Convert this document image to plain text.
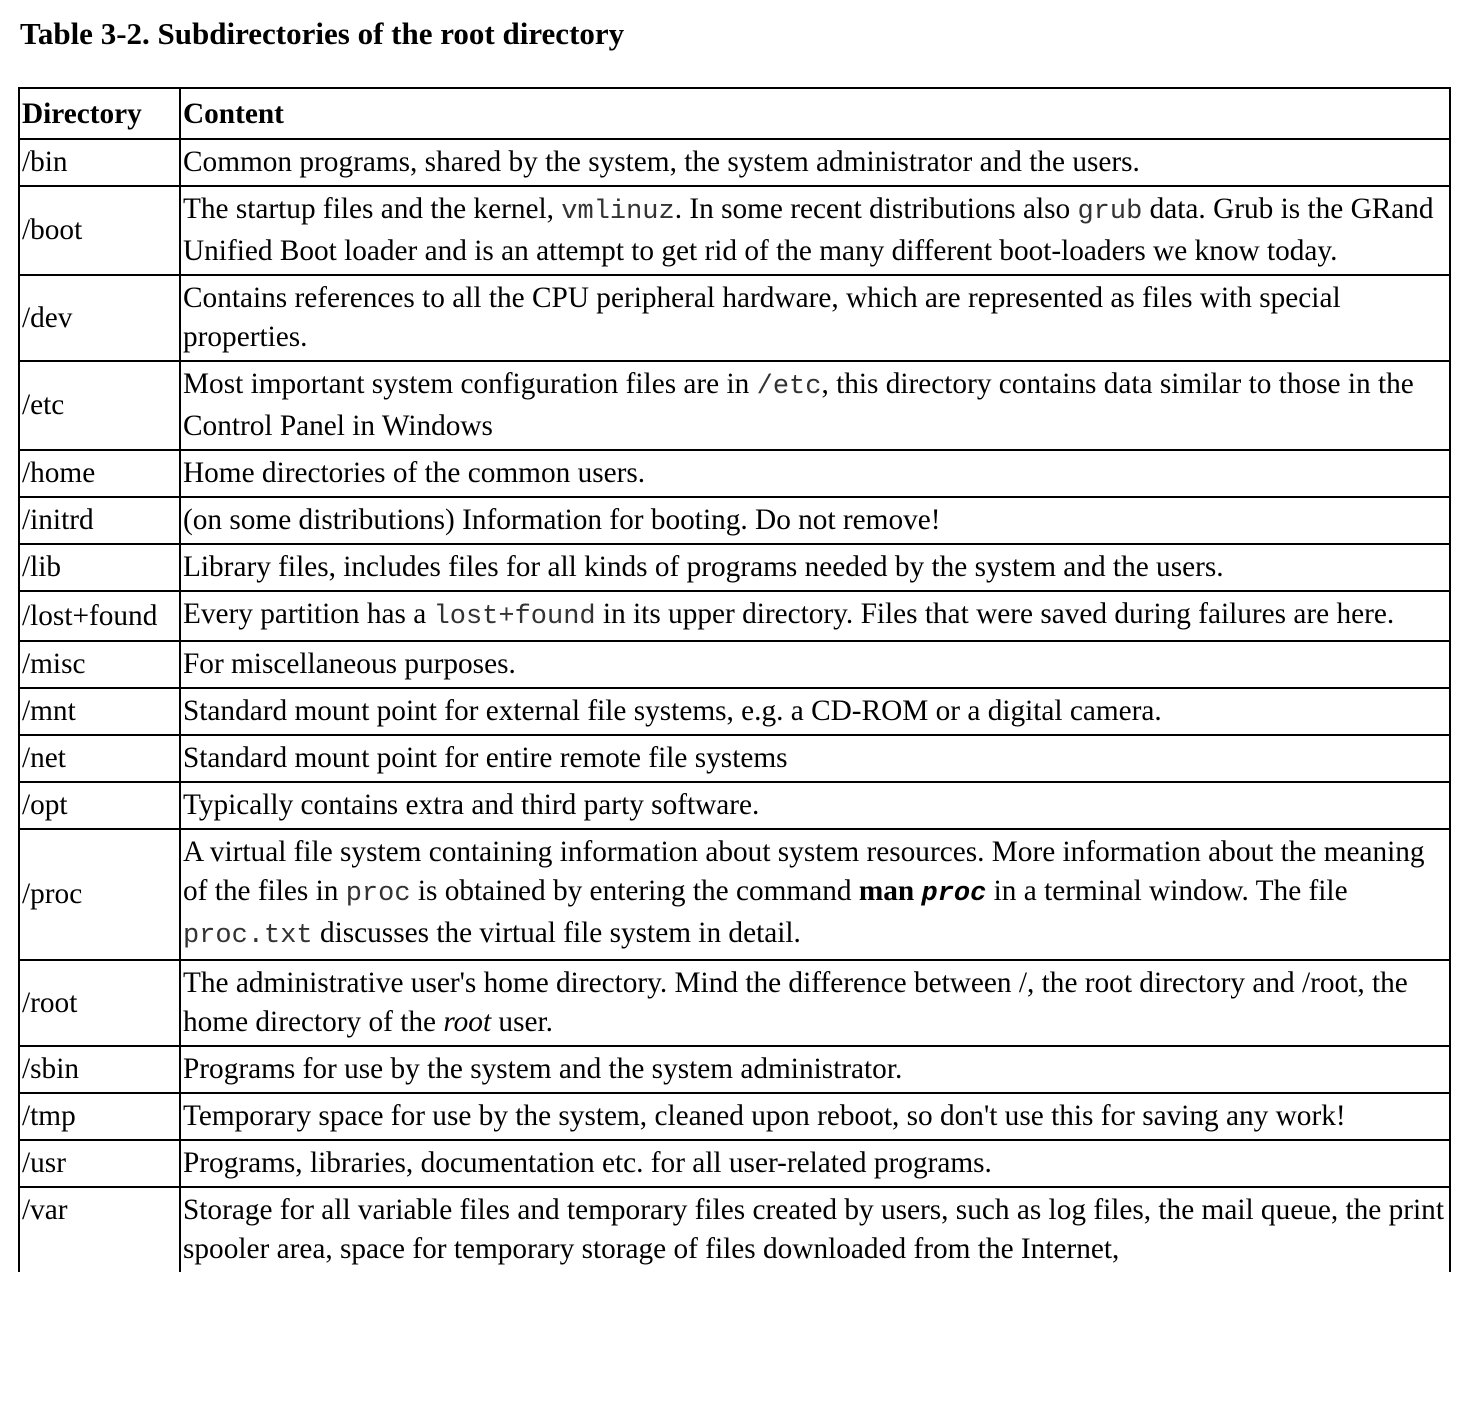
Table 3-2. Subdirectories of the root directory
Directory	Content
/bin	Common programs, shared by the system, the system administrator and the users.
/boot	The startup files and the kernel, vmlinuz. In some recent distributions also grub data. Grub is the GRand Unified Boot loader and is an attempt to get rid of the many different boot-loaders we know today.
/dev	Contains references to all the CPU peripheral hardware, which are represented as files with special properties.
/etc	Most important system configuration files are in /etc, this directory contains data similar to those in the Control Panel in Windows
/home	Home directories of the common users.
/initrd	(on some distributions) Information for booting. Do not remove!
/lib	Library files, includes files for all kinds of programs needed by the system and the users.
/lost+found	Every partition has a lost+found in its upper directory. Files that were saved during failures are here.
/misc	For miscellaneous purposes.
/mnt	Standard mount point for external file systems, e.g. a CD-ROM or a digital camera.
/net	Standard mount point for entire remote file systems
/opt	Typically contains extra and third party software.
/proc	A virtual file system containing information about system resources. More information about the meaning of the files in proc is obtained by entering the command man proc in a terminal window. The file proc.txt discusses the virtual file system in detail.
/root	The administrative user's home directory. Mind the difference between /, the root directory and /root, the home directory of the root user.
/sbin	Programs for use by the system and the system administrator.
/tmp	Temporary space for use by the system, cleaned upon reboot, so don't use this for saving any work!
/usr	Programs, libraries, documentation etc. for all user-related programs.
/var	Storage for all variable files and temporary files created by users, such as log files, the mail queue, the print spooler area, space for temporary storage of files downloaded from the Internet,
